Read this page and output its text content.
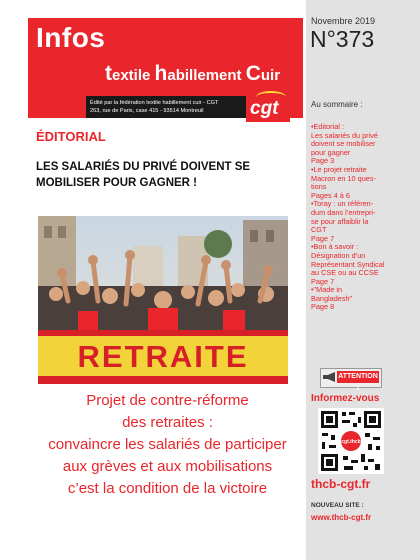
Infos
textile habillement Cuir
Édité par la fédération textile habillement cuir - CGT
263, rue de Paris, case 415 - 93514 Montreuil cgt
Novembre 2019
N°373
Au sommaire :
•Editorial :
Les salariés du privé
doivent se mobiliser
pour gagner
Page 3
•Le projet retraite
Macron en 10 ques-
tions
Pages 4 à 6
•Toray : un référen-
dum dans l’entrepri-
se pour affaiblir la
CGT
Page 7
•Bon à savoir :
Désignation d’un
Représentant Syndical
au CSE ou au CCSE
Page 7
•"Made in
Bangladesh"
Page 8
ATTENTION !
Informez-vous
cgt.thcb
thcb-cgt.fr
NOUVEAU SITE :
www.thcb-cgt.fr
ÉDITORIAL
LES SALARIÉS DU PRIVÉ DOIVENT SE MOBILISER POUR GAGNER !
RETRAITE
Projet de contre-réforme
des retraites :
convaincre les salariés de participer
aux grèves et aux mobilisations
c’est la condition de la victoire
